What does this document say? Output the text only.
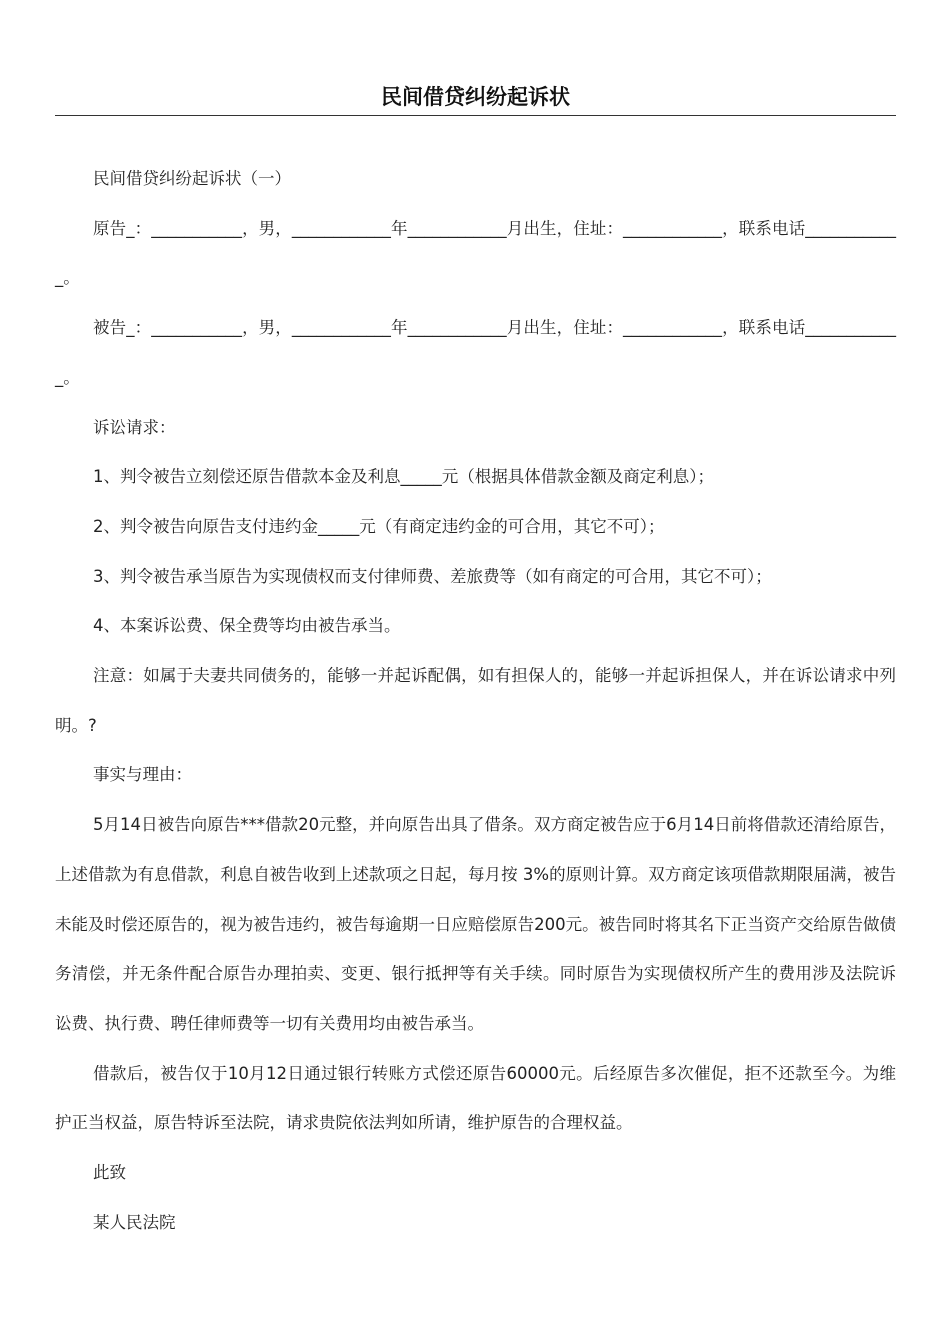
民间借贷纠纷起诉状

民间借贷纠纷起诉状（一）

原告_：___________，男，____________年____________月出生，住址：____________，联系电话____________。

被告_：___________，男，____________年____________月出生，住址：____________，联系电话____________。

诉讼请求：

1、判令被告立刻偿还原告借款本金及利息_____元（根据具体借款金额及商定利息）；

2、判令被告向原告支付违约金_____元（有商定违约金的可合用，其它不可）；

3、判令被告承当原告为实现债权而支付律师费、差旅费等（如有商定的可合用，其它不可）；

4、本案诉讼费、保全费等均由被告承当。

注意：如属于夫妻共同债务的，能够一并起诉配偶，如有担保人的，能够一并起诉担保人，并在诉讼请求中列明。?

事实与理由：

5月14日被告向原告***借款20元整，并向原告出具了借条。双方商定被告应于6月14日前将借款还清给原告，上述借款为有息借款，利息自被告收到上述款项之日起，每月按 3%的原则计算。双方商定该项借款期限届满，被告未能及时偿还原告的，视为被告违约，被告每逾期一日应赔偿原告200元。被告同时将其名下正当资产交给原告做债务清偿，并无条件配合原告办理拍卖、变更、银行抵押等有关手续。同时原告为实现债权所产生的费用涉及法院诉讼费、执行费、聘任律师费等一切有关费用均由被告承当。

借款后，被告仅于10月12日通过银行转账方式偿还原告60000元。后经原告多次催促，拒不还款至今。为维护正当权益，原告特诉至法院，请求贵院依法判如所请，维护原告的合理权益。

此致

某人民法院
